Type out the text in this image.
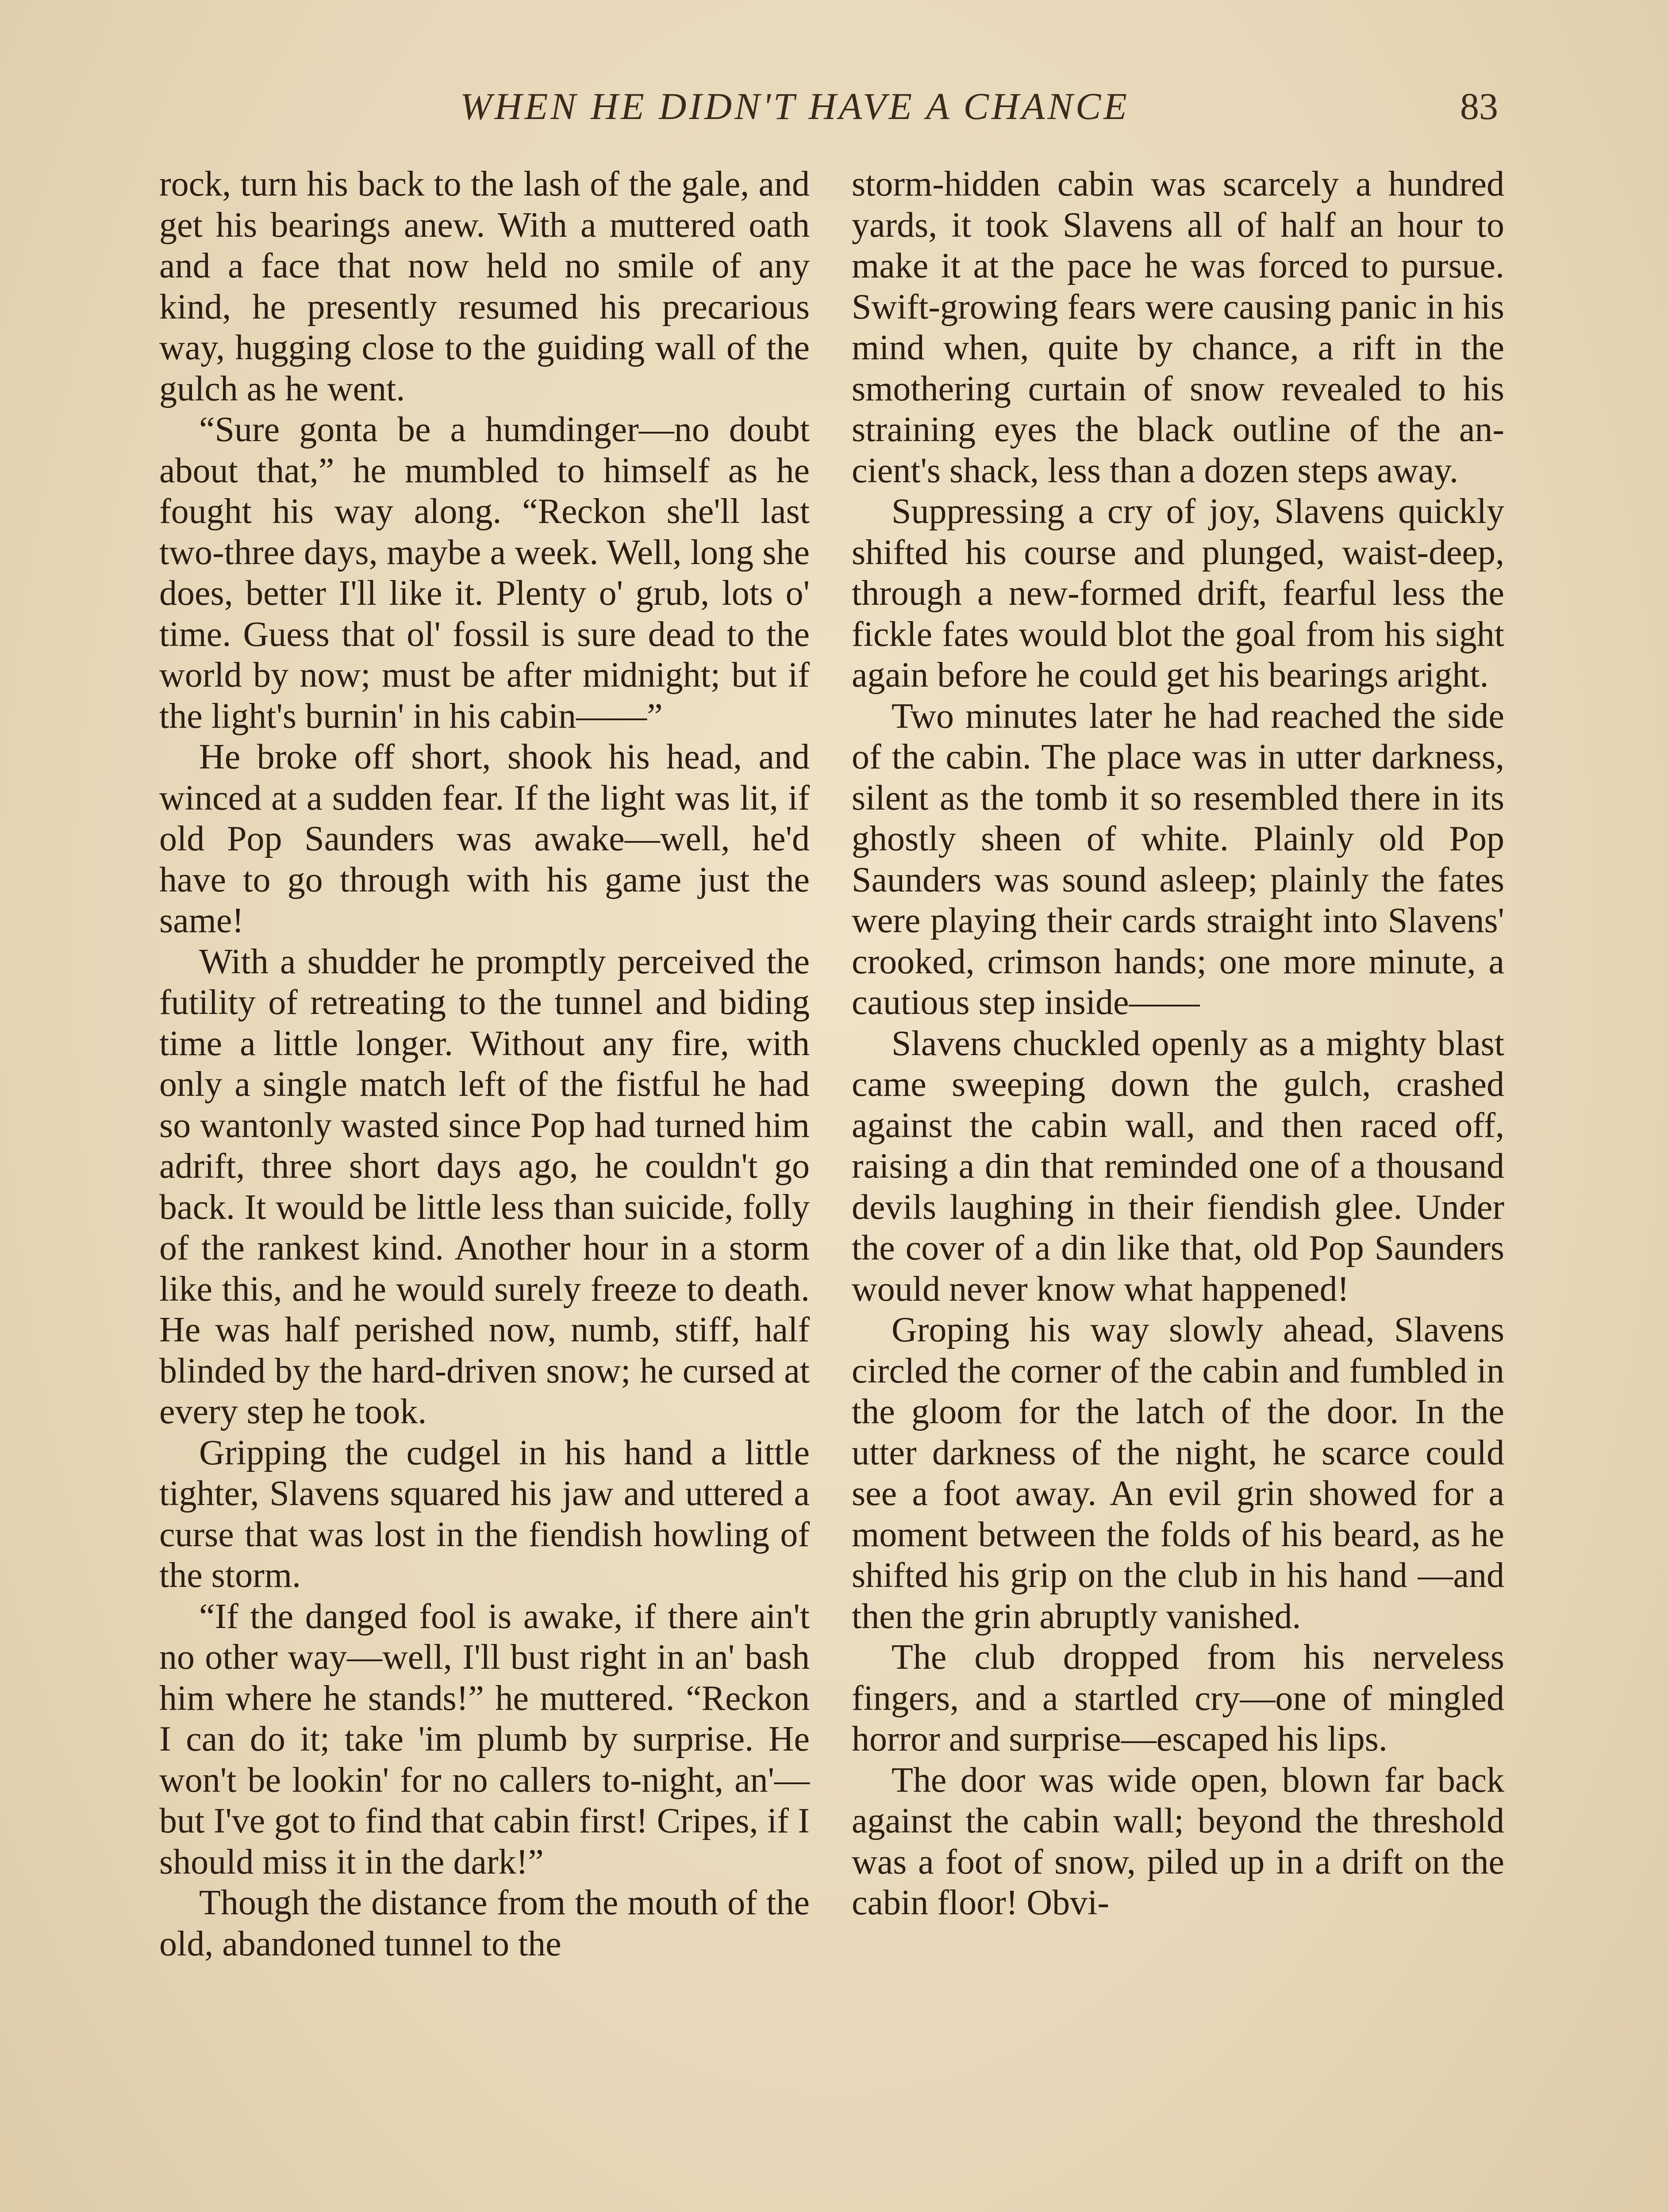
WHEN HE DIDN'T HAVE A CHANCE	83

rock, turn his back to the lash of the gale, and get his bearings anew. With a muttered oath and a face that now held no smile of any kind, he presently resumed his precarious way, hugging close to the guiding wall of the gulch as he went.

“Sure gonta be a humdinger—no doubt about that,” he mumbled to himself as he fought his way along. “Reckon she'll last two-three days, maybe a week. Well, long she does, better I'll like it. Plenty o' grub, lots o' time. Guess that ol' fossil is sure dead to the world by now; must be after midnight; but if the light's burnin' in his cabin——”

He broke off short, shook his head, and winced at a sudden fear. If the light was lit, if old Pop Saunders was awake—well, he'd have to go through with his game just the same!

With a shudder he promptly perceived the futility of retreating to the tunnel and biding time a little longer. Without any fire, with only a single match left of the fistful he had so wantonly wasted since Pop had turned him adrift, three short days ago, he couldn't go back. It would be little less than suicide, folly of the rankest kind. Another hour in a storm like this, and he would surely freeze to death. He was half perished now, numb, stiff, half blinded by the hard-driven snow; he cursed at every step he took.

Gripping the cudgel in his hand a little tighter, Slavens squared his jaw and uttered a curse that was lost in the fiendish howling of the storm.

“If the danged fool is awake, if there ain't no other way—well, I'll bust right in an' bash him where he stands!” he muttered. “Reckon I can do it; take 'im plumb by surprise. He won't be lookin' for no callers to-night, an'—but I've got to find that cabin first! Cripes, if I should miss it in the dark!”

Though the distance from the mouth of the old, abandoned tunnel to the

storm-hidden cabin was scarcely a hundred yards, it took Slavens all of half an hour to make it at the pace he was forced to pursue. Swift-growing fears were causing panic in his mind when, quite by chance, a rift in the smothering curtain of snow revealed to his straining eyes the black outline of the ancient's shack, less than a dozen steps away.

Suppressing a cry of joy, Slavens quickly shifted his course and plunged, waist-deep, through a new-formed drift, fearful less the fickle fates would blot the goal from his sight again before he could get his bearings aright.

Two minutes later he had reached the side of the cabin. The place was in utter darkness, silent as the tomb it so resembled there in its ghostly sheen of white. Plainly old Pop Saunders was sound asleep; plainly the fates were playing their cards straight into Slavens' crooked, crimson hands; one more minute, a cautious step inside——

Slavens chuckled openly as a mighty blast came sweeping down the gulch, crashed against the cabin wall, and then raced off, raising a din that reminded one of a thousand devils laughing in their fiendish glee. Under the cover of a din like that, old Pop Saunders would never know what happened!

Groping his way slowly ahead, Slavens circled the corner of the cabin and fumbled in the gloom for the latch of the door. In the utter darkness of the night, he scarce could see a foot away. An evil grin showed for a moment between the folds of his beard, as he shifted his grip on the club in his hand —and then the grin abruptly vanished.

The club dropped from his nerveless fingers, and a startled cry—one of mingled horror and surprise—escaped his lips.

The door was wide open, blown far back against the cabin wall; beyond the threshold was a foot of snow, piled up in a drift on the cabin floor! Obvi-
